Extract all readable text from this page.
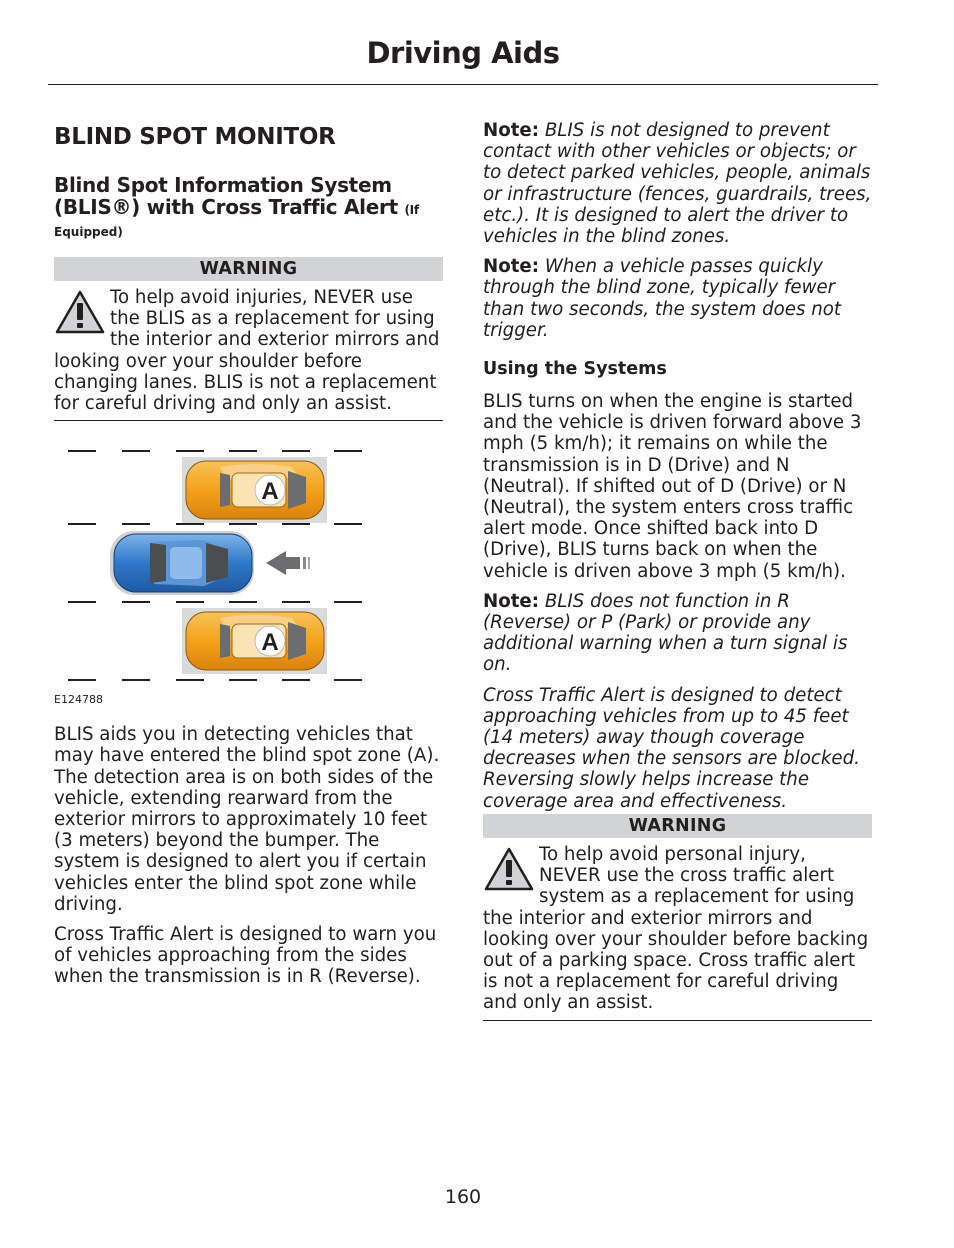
Driving Aids
BLIND SPOT MONITOR
Blind Spot Information System (BLIS®) with Cross Traffic Alert (If
Equipped)
WARNING

To help avoid injuries, NEVER use the BLIS as a replacement for using the interior and exterior mirrors and looking over your shoulder before changing lanes. BLIS is not a replacement for careful driving and only an assist.

A
A

E124788

BLIS aids you in detecting vehicles that may have entered the blind spot zone (A). The detection area is on both sides of the vehicle, extending rearward from the exterior mirrors to approximately 10 feet (3 meters) beyond the bumper. The system is designed to alert you if certain vehicles enter the blind spot zone while driving.

Cross Traffic Alert is designed to warn you of vehicles approaching from the sides when the transmission is in R (Reverse).

Note: BLIS is not designed to prevent contact with other vehicles or objects; or to detect parked vehicles, people, animals or infrastructure (fences, guardrails, trees, etc.). It is designed to alert the driver to vehicles in the blind zones.

Note: When a vehicle passes quickly through the blind zone, typically fewer than two seconds, the system does not trigger.

Using the Systems

BLIS turns on when the engine is started and the vehicle is driven forward above 3 mph (5 km/h); it remains on while the transmission is in D (Drive) and N (Neutral). If shifted out of D (Drive) or N (Neutral), the system enters cross traffic alert mode. Once shifted back into D (Drive), BLIS turns back on when the vehicle is driven above 3 mph (5 km/h).

Note: BLIS does not function in R (Reverse) or P (Park) or provide any additional warning when a turn signal is on.

Cross Traffic Alert is designed to detect approaching vehicles from up to 45 feet (14 meters) away though coverage decreases when the sensors are blocked. Reversing slowly helps increase the coverage area and effectiveness.

WARNING

To help avoid personal injury, NEVER use the cross traffic alert system as a replacement for using the interior and exterior mirrors and looking over your shoulder before backing out of a parking space. Cross traffic alert is not a replacement for careful driving and only an assist.

160
